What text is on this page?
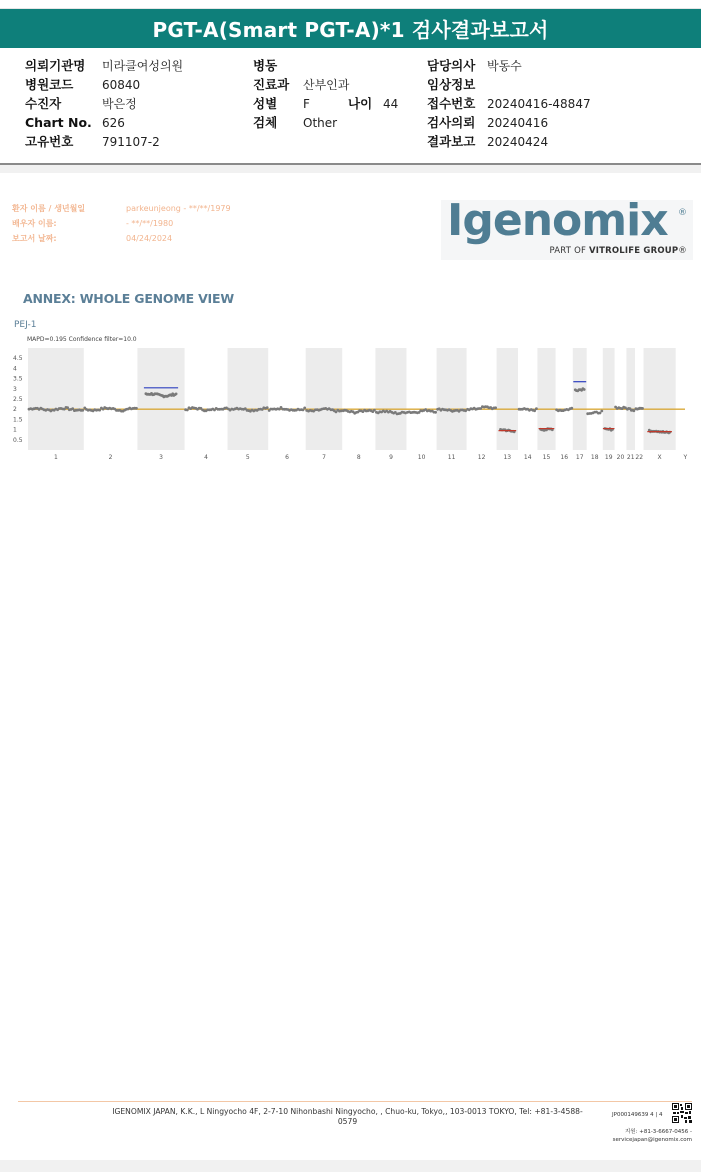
PGT-A(Smart PGT-A)*1 검사결과보고서
의뢰기관명 미라클여성의원
병원코드 60840
수진자	박은정
Chart No. 626
고유번호 791107-2
병동
진료과 산부인과
성별 F	나이 44
검체 Other
담당의사 박동수
임상정보
접수번호 20240416-48847
검사의뢰 20240416
결과보고 20240424
환자 이름 / 생년월일	parkeunjeong - **/**/1979
배우자 이름:	- **/**/1980
보고서 날짜:	04/24/2024	Igenomix ®
PART OF VITROLIFE GROUP®
ANNEX: WHOLE GENOME VIEW
PEJ-1
MAPD=0.195 Confidence filter=10.0
4.5
4
3.5
3
2.5
2
1.5
1
0.5
1	2	3	4	5	6	7	8	9	10	11	12	13 14 15 16 17 18 19 20 21 22 X	Y
IGENOMIX JAPAN, K.K., L Ningyocho 4F, 2-7-10 Nihonbashi Ningyocho, , Chuo-ku, Tokyo,, 103-0013 TOKYO, Tel: +81-3-4588-0579
JP000149639 4 | 4
지원: +81-3-6667-0456 -
servicejapan@igenomix.com
